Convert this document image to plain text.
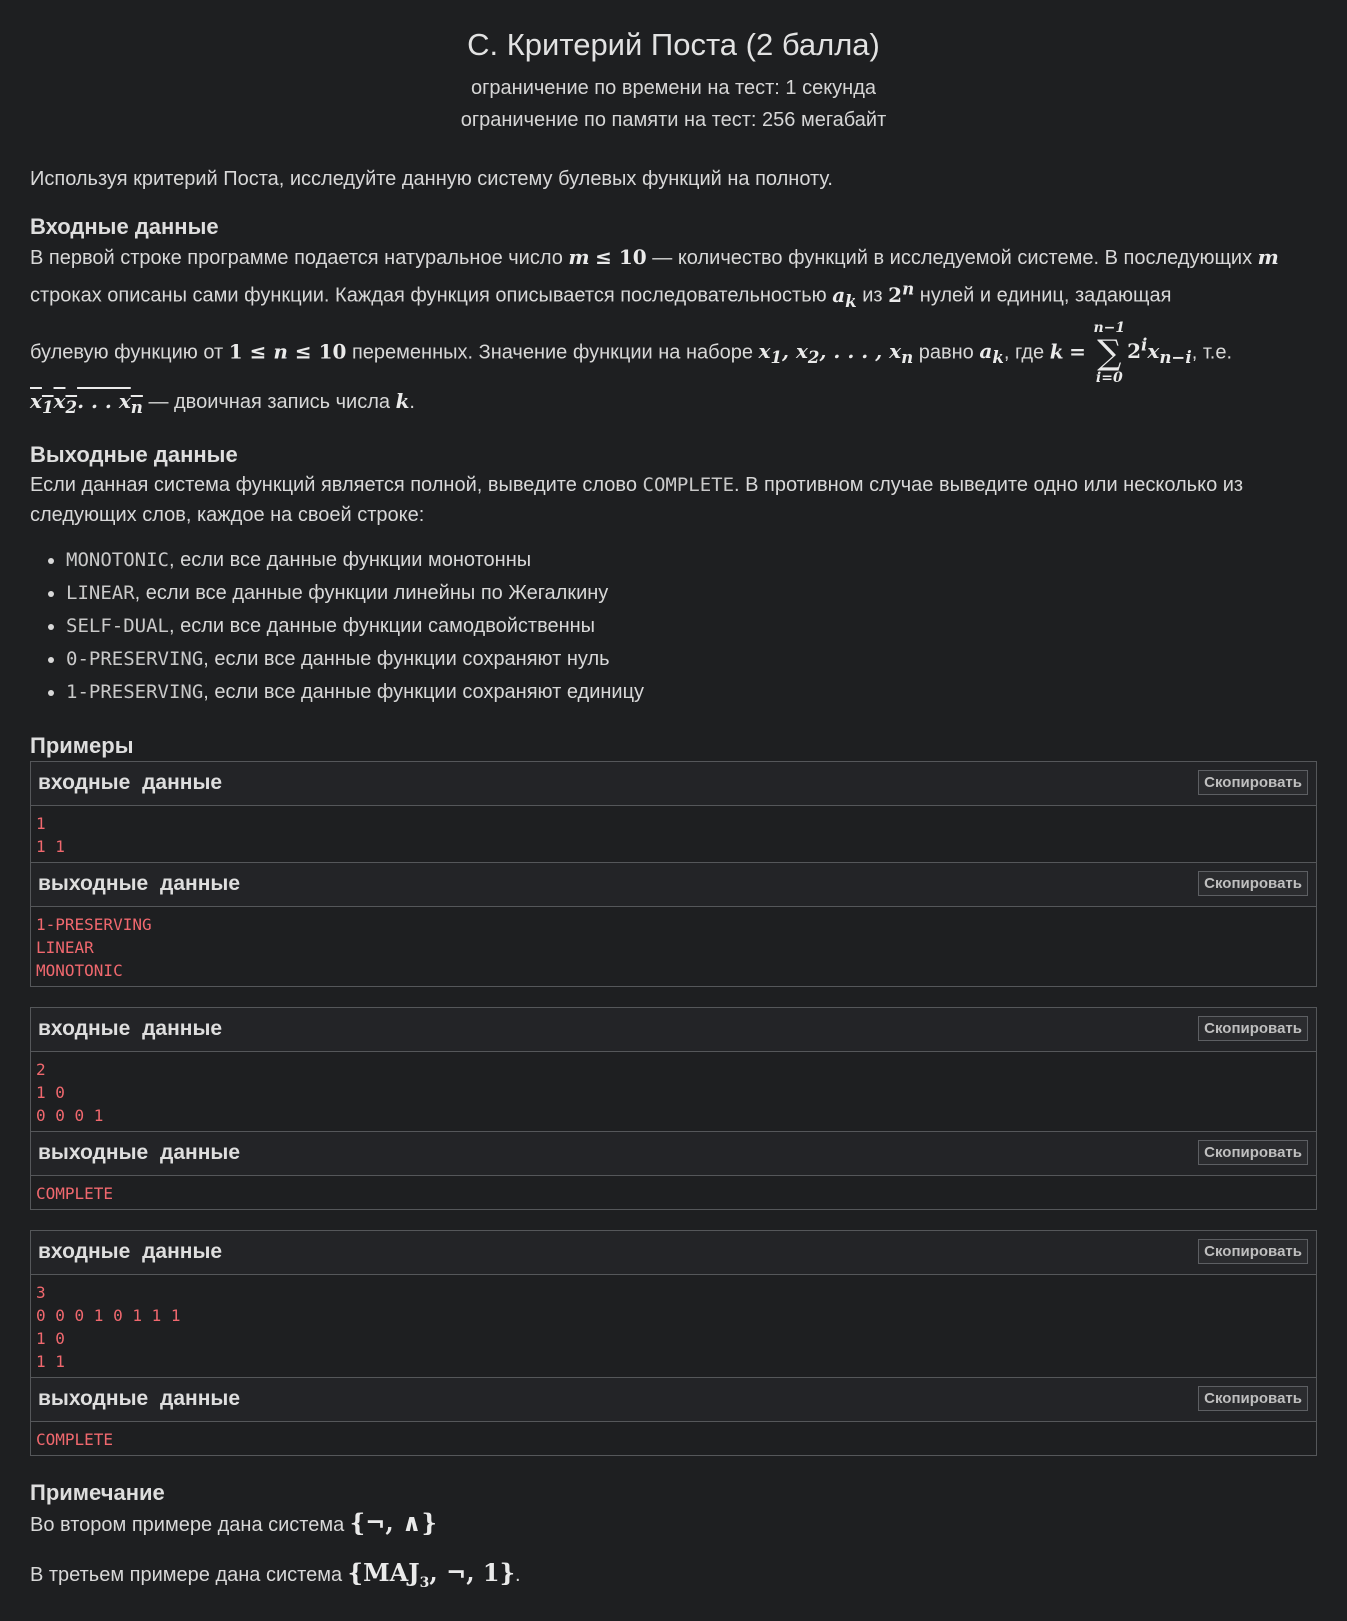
C. Критерий Поста (2 балла)
ограничение по времени на тест: 1 секунда
ограничение по памяти на тест: 256 мегабайт
Используя критерий Поста, исследуйте данную систему булевых функций на полноту.
Входные данные
В первой строке программе подается натуральное число m ≤ 10 — количество функций в исследуемой системе. В последующих m строках описаны сами функции. Каждая функция описывается последовательностью $a_k$ из 2$^n$ нулей и единиц, задающая
булевую функцию от 1 ≤ n ≤ 10 переменных. Значение функции на наборе $x_1$, $x_2$, . . . , $x_n$ равно $a_k$, где k =
n−1
∑
i=0
$2^ix_{n-i}$, т.е.
$x_1x_2$. . . $x_n$ — двоичная запись числа k.
Выходные данные
Если данная система функций является полной, выведите слово COMPLETE. В противном случае выведите одно или несколько из следующих слов, каждое на своей строке:
• MONOTONIC, если все данные функции монотонны
• LINEAR, если все данные функции линейны по Жегалкину
• SELF-DUAL, если все данные функции самодвойственны
• 0-PRESERVING, если все данные функции сохраняют нуль
• 1-PRESERVING, если все данные функции сохраняют единицу
Примеры
входные данные	Скопировать
1
1 1
выходные данные	Скопировать
1-PRESERVING
LINEAR
MONOTONIC
входные данные	Скопировать
2
1 0
0 0 0 1
выходные данные	Скопировать
COMPLETE
входные данные	Скопировать
3
0 0 0 1 0 1 1 1
1 0
1 1
выходные данные	Скопировать
COMPLETE
Примечание
Во втором примере дана система {¬, ∧}
В третьем примере дана система {$MAJ_3$, ¬, 1}.
